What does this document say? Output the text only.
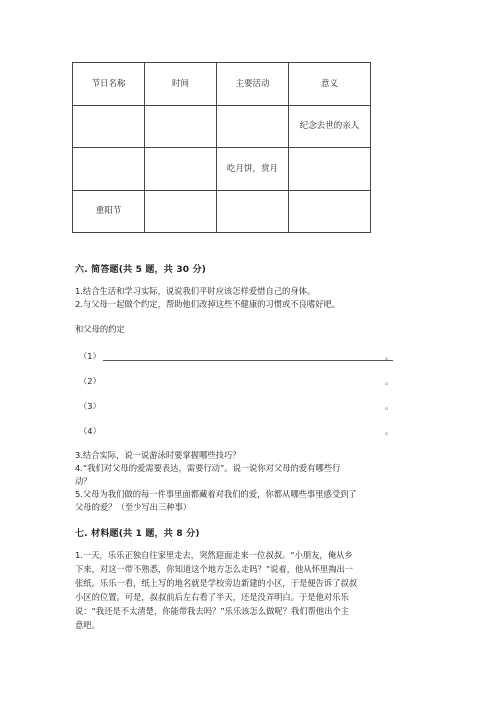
节日名称	时间	主要活动	意义
			纪念去世的亲人
		吃月饼，赏月	
重阳节			
六. 简答题(共 5 题，共 30 分)
1.结合生活和学习实际，说说我们平时应该怎样爱惜自己的身体。
2.与父母一起做个约定，帮助他们改掉这些不健康的习惯或不良嗜好吧。
和父母的约定
（1）	。
（2）	。
（3）	。
（4）	。
3.结合实际，说一说游泳时要掌握哪些技巧？
4.“我们对父母的爱需要表达，需要行动”。说一说你对父母的爱有哪些行
动？
5.父母为我们做的每一件事里面都藏着对我们的爱，你都从哪些事里感受到了
父母的爱？（至少写出三种事）
七. 材料题(共 1 题，共 8 分)
1.一天，乐乐正独自往家里走去，突然迎面走来一位叔叔。“小朋友，俺从乡
下来，对这一带不熟悉，你知道这个地方怎么走吗？”说着，他从怀里掏出一
张纸。乐乐一看，纸上写的地名就是学校旁边新建的小区，于是便告诉了叔叔
小区的位置。可是，叔叔前后左右看了半天，还是没弄明白。于是他对乐乐
说：“我还是不太清楚，你能带我去吗？”乐乐该怎么做呢？我们帮他出个主
意吧。
